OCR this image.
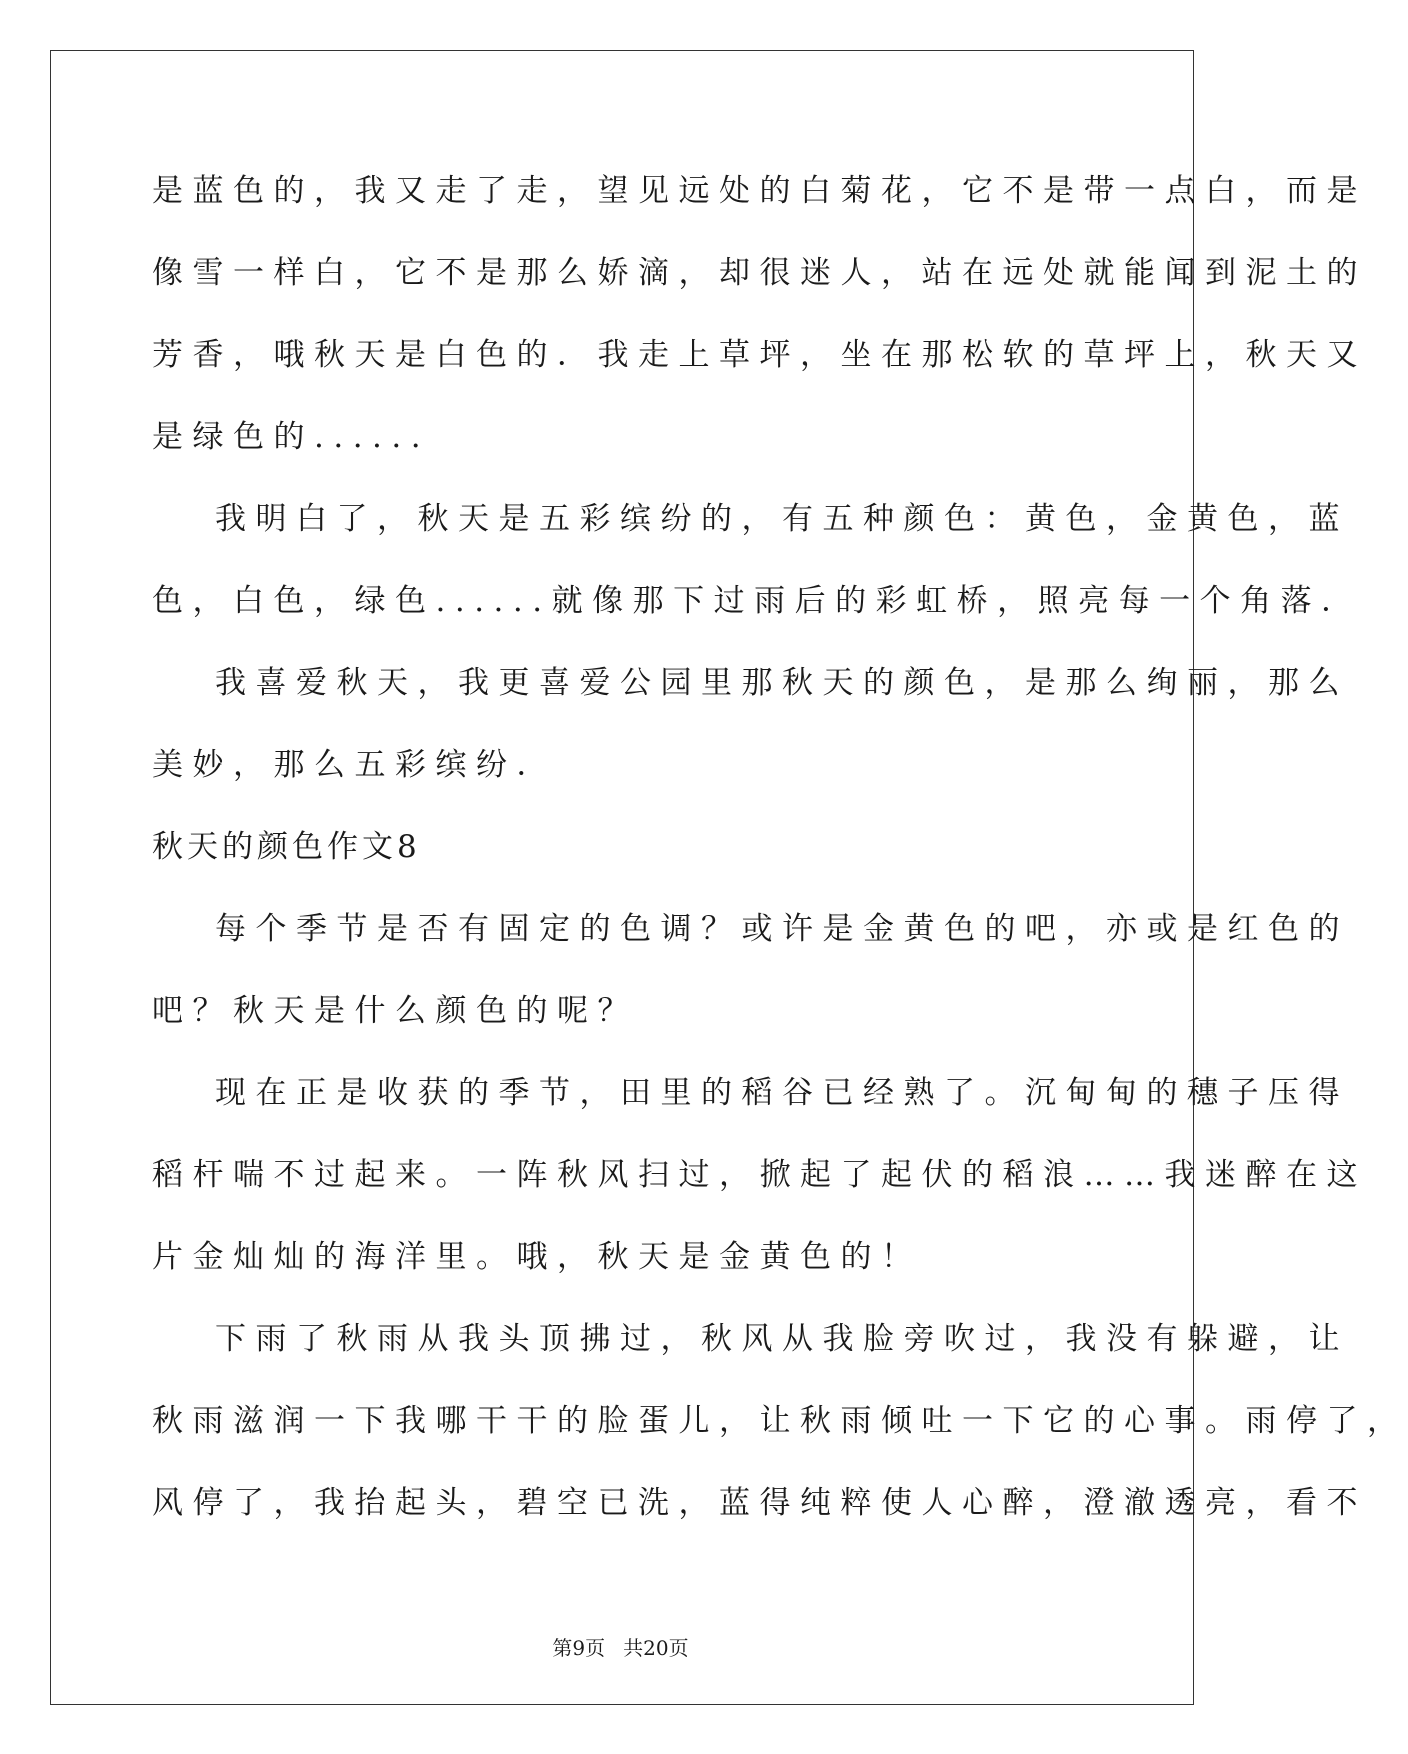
是蓝色的，我又走了走，望见远处的白菊花，它不是带一点白，而是
像雪一样白，它不是那么娇滴，却很迷人，站在远处就能闻到泥土的
芳香，哦秋天是白色的．我走上草坪，坐在那松软的草坪上，秋天又
是绿色的......
我明白了，秋天是五彩缤纷的，有五种颜色：黄色，金黄色，蓝
色，白色，绿色......就像那下过雨后的彩虹桥，照亮每一个角落．
我喜爱秋天，我更喜爱公园里那秋天的颜色，是那么绚丽，那么
美妙，那么五彩缤纷．
秋天的颜色作文8
每个季节是否有固定的色调？或许是金黄色的吧，亦或是红色的
吧？秋天是什么颜色的呢？
现在正是收获的季节，田里的稻谷已经熟了。沉甸甸的穗子压得
稻杆喘不过起来。一阵秋风扫过，掀起了起伏的稻浪……我迷醉在这
片金灿灿的海洋里。哦，秋天是金黄色的！
下雨了秋雨从我头顶拂过，秋风从我脸旁吹过，我没有躲避，让
秋雨滋润一下我哪干干的脸蛋儿，让秋雨倾吐一下它的心事。雨停了，
风停了，我抬起头，碧空已洗，蓝得纯粹使人心醉，澄澈透亮，看不
第9页 共20页
